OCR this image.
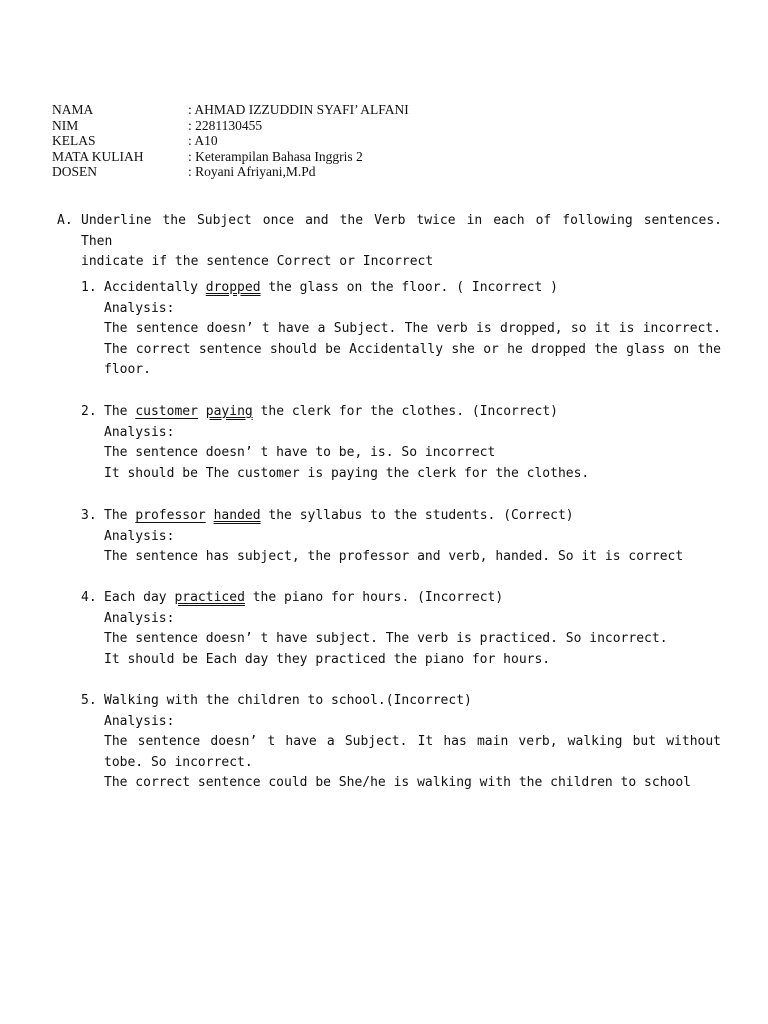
NAMA	: AHMAD IZZUDDIN SYAFI’ ALFANI
NIM	: 2281130455
KELAS	: A10
MATA KULIAH	: Keterampilan Bahasa Inggris 2
DOSEN	: Royani Afriyani,M.Pd
A. Underline the Subject once and the Verb twice in each of following sentences. Then
indicate if the sentence Correct or Incorrect
1. Accidentally dropped the glass on the floor. ( Incorrect )
Analysis:
The sentence doesn’ t have a Subject. The verb is dropped, so it is incorrect.
The correct sentence should be Accidentally she or he dropped the glass on the
floor.
2. The customer paying the clerk for the clothes. (Incorrect)
Analysis:
The sentence doesn’ t have to be, is. So incorrect
It should be The customer is paying the clerk for the clothes.
3. The professor handed the syllabus to the students. (Correct)
Analysis:
The sentence has subject, the professor and verb, handed. So it is correct
4. Each day practiced the piano for hours. (Incorrect)
Analysis:
The sentence doesn’ t have subject. The verb is practiced. So incorrect.
It should be Each day they practiced the piano for hours.
5. Walking with the children to school.(Incorrect)
Analysis:
The sentence doesn’ t have a Subject. It has main verb, walking but without
tobe. So incorrect.
The correct sentence could be She/he is walking with the children to school
